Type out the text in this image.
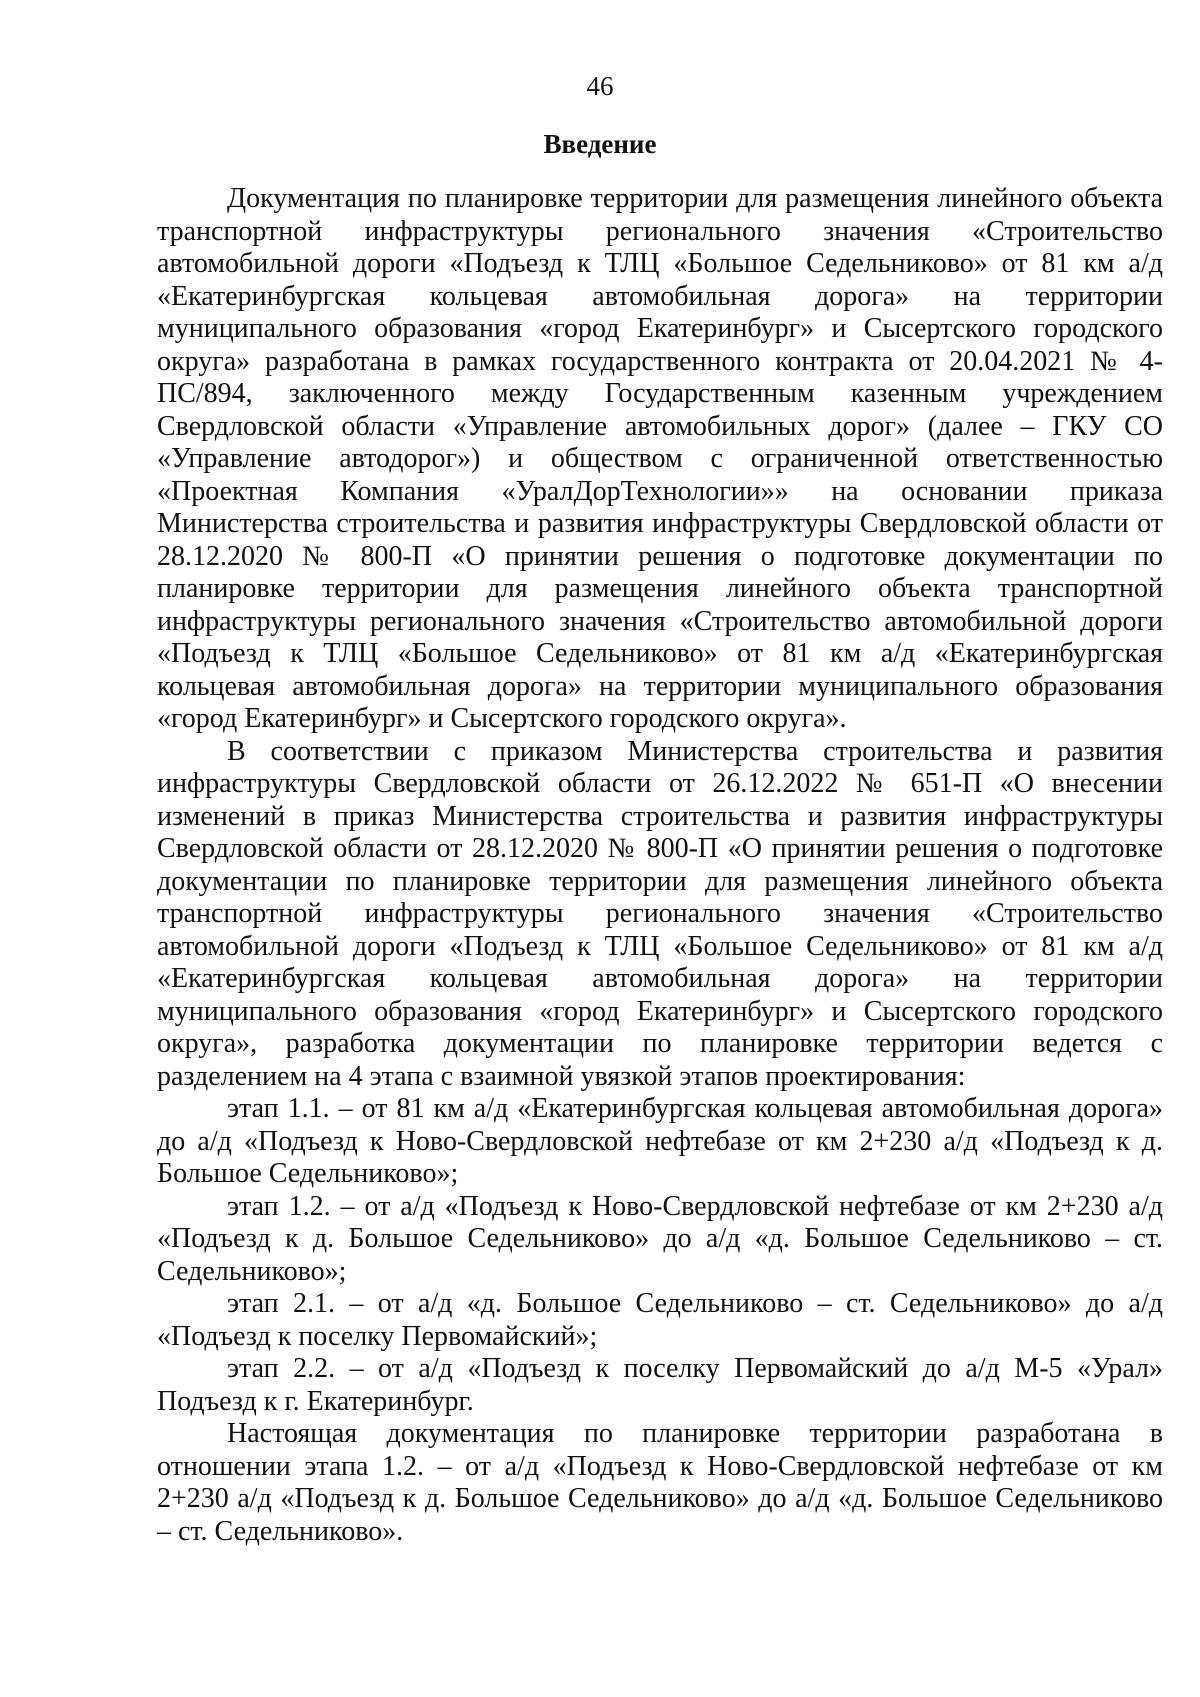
46
Введение

Документация по планировке территории для размещения линейного объекта транспортной инфраструктуры регионального значения «Строительство автомобильной дороги «Подъезд к ТЛЦ «Большое Седельниково» от 81 км а/д «Екатеринбургская кольцевая автомобильная дорога» на территории муниципального образования «город Екатеринбург» и Сысертского городского округа» разработана в рамках государственного контракта от 20.04.2021 № 4-ПС/894, заключенного между Государственным казенным учреждением Свердловской области «Управление автомобильных дорог» (далее – ГКУ СО «Управление автодорог») и обществом с ограниченной ответственностью «Проектная Компания «УралДорТехнологии»» на основании приказа Министерства строительства и развития инфраструктуры Свердловской области от 28.12.2020 № 800-П «О принятии решения о подготовке документации по планировке территории для размещения линейного объекта транспортной инфраструктуры регионального значения «Строительство автомобильной дороги «Подъезд к ТЛЦ «Большое Седельниково» от 81 км а/д «Екатеринбургская кольцевая автомобильная дорога» на территории муниципального образования «город Екатеринбург» и Сысертского городского округа».

В соответствии с приказом Министерства строительства и развития инфраструктуры Свердловской области от 26.12.2022 № 651-П «О внесении изменений в приказ Министерства строительства и развития инфраструктуры Свердловской области от 28.12.2020 № 800-П «О принятии решения о подготовке документации по планировке территории для размещения линейного объекта транспортной инфраструктуры регионального значения «Строительство автомобильной дороги «Подъезд к ТЛЦ «Большое Седельниково» от 81 км а/д «Екатеринбургская кольцевая автомобильная дорога» на территории муниципального образования «город Екатеринбург» и Сысертского городского округа», разработка документации по планировке территории ведется с разделением на 4 этапа с взаимной увязкой этапов проектирования:

этап 1.1. – от 81 км а/д «Екатеринбургская кольцевая автомобильная дорога» до а/д «Подъезд к Ново-Свердловской нефтебазе от км 2+230 а/д «Подъезд к д. Большое Седельниково»;

этап 1.2. – от а/д «Подъезд к Ново-Свердловской нефтебазе от км 2+230 а/д «Подъезд к д. Большое Седельниково» до а/д «д. Большое Седельниково – ст. Седельниково»;

этап 2.1. – от а/д «д. Большое Седельниково – ст. Седельниково» до а/д «Подъезд к поселку Первомайский»;

этап 2.2. – от а/д «Подъезд к поселку Первомайский до а/д М-5 «Урал» Подъезд к г. Екатеринбург.

Настоящая документация по планировке территории разработана в отношении этапа 1.2. – от а/д «Подъезд к Ново-Свердловской нефтебазе от км 2+230 а/д «Подъезд к д. Большое Седельниково» до а/д «д. Большое Седельниково – ст. Седельниково».
